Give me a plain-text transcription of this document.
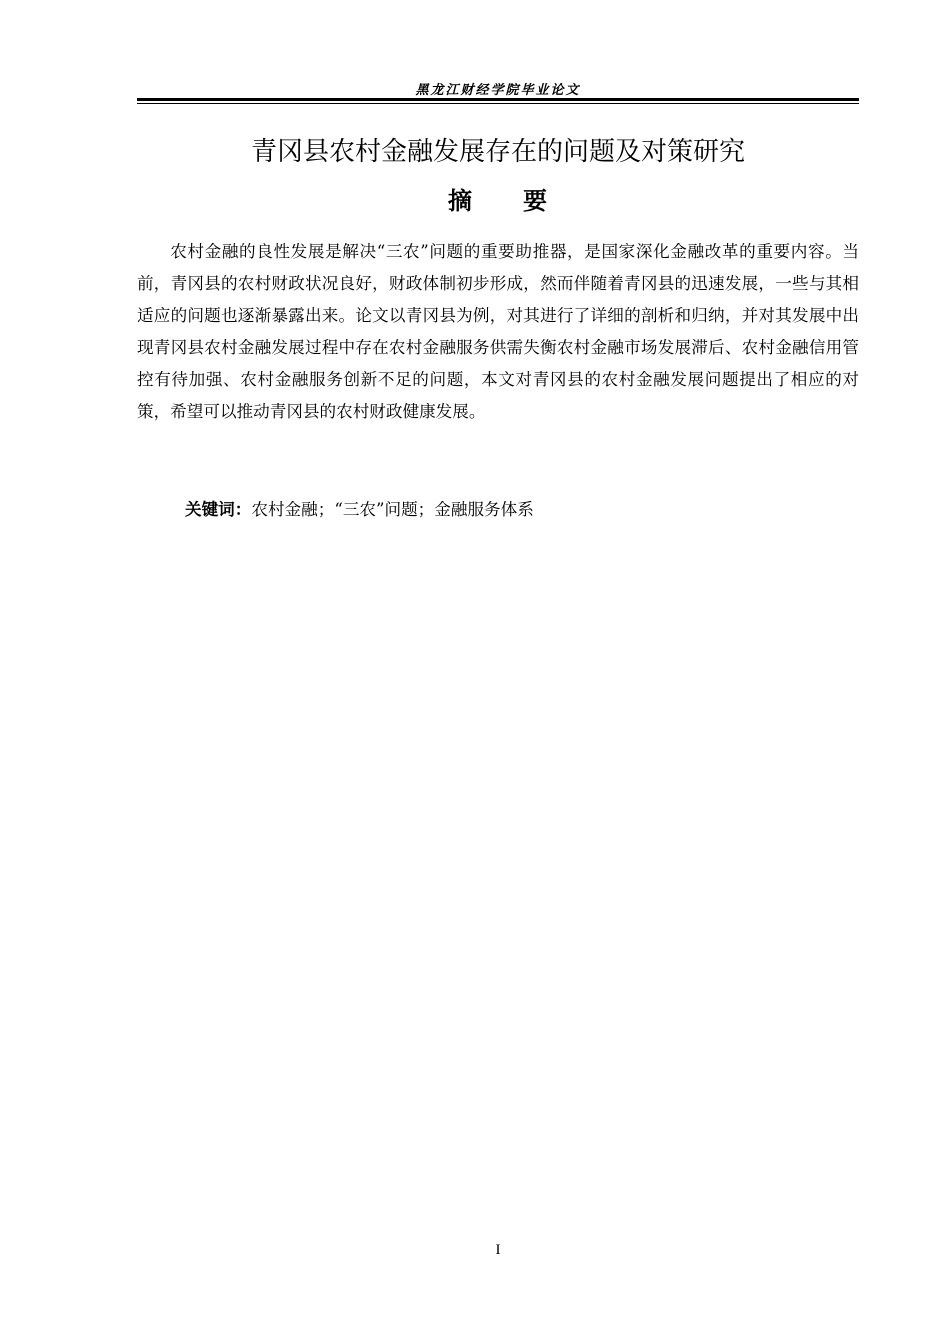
黑龙江财经学院毕业论文
青冈县农村金融发展存在的问题及对策研究
摘　　要

农村金融的良性发展是解决“三农”问题的重要助推器，是国家深化金融改革的重要内容。当前，青冈县的农村财政状况良好，财政体制初步形成，然而伴随着青冈县的迅速发展，一些与其相适应的问题也逐渐暴露出来。论文以青冈县为例，对其进行了详细的剖析和归纳，并对其发展中出现青冈县农村金融发展过程中存在农村金融服务供需失衡农村金融市场发展滞后、农村金融信用管控有待加强、农村金融服务创新不足的问题，本文对青冈县的农村金融发展问题提出了相应的对策，希望可以推动青冈县的农村财政健康发展。

关键词：农村金融；“三农”问题；金融服务体系

I
